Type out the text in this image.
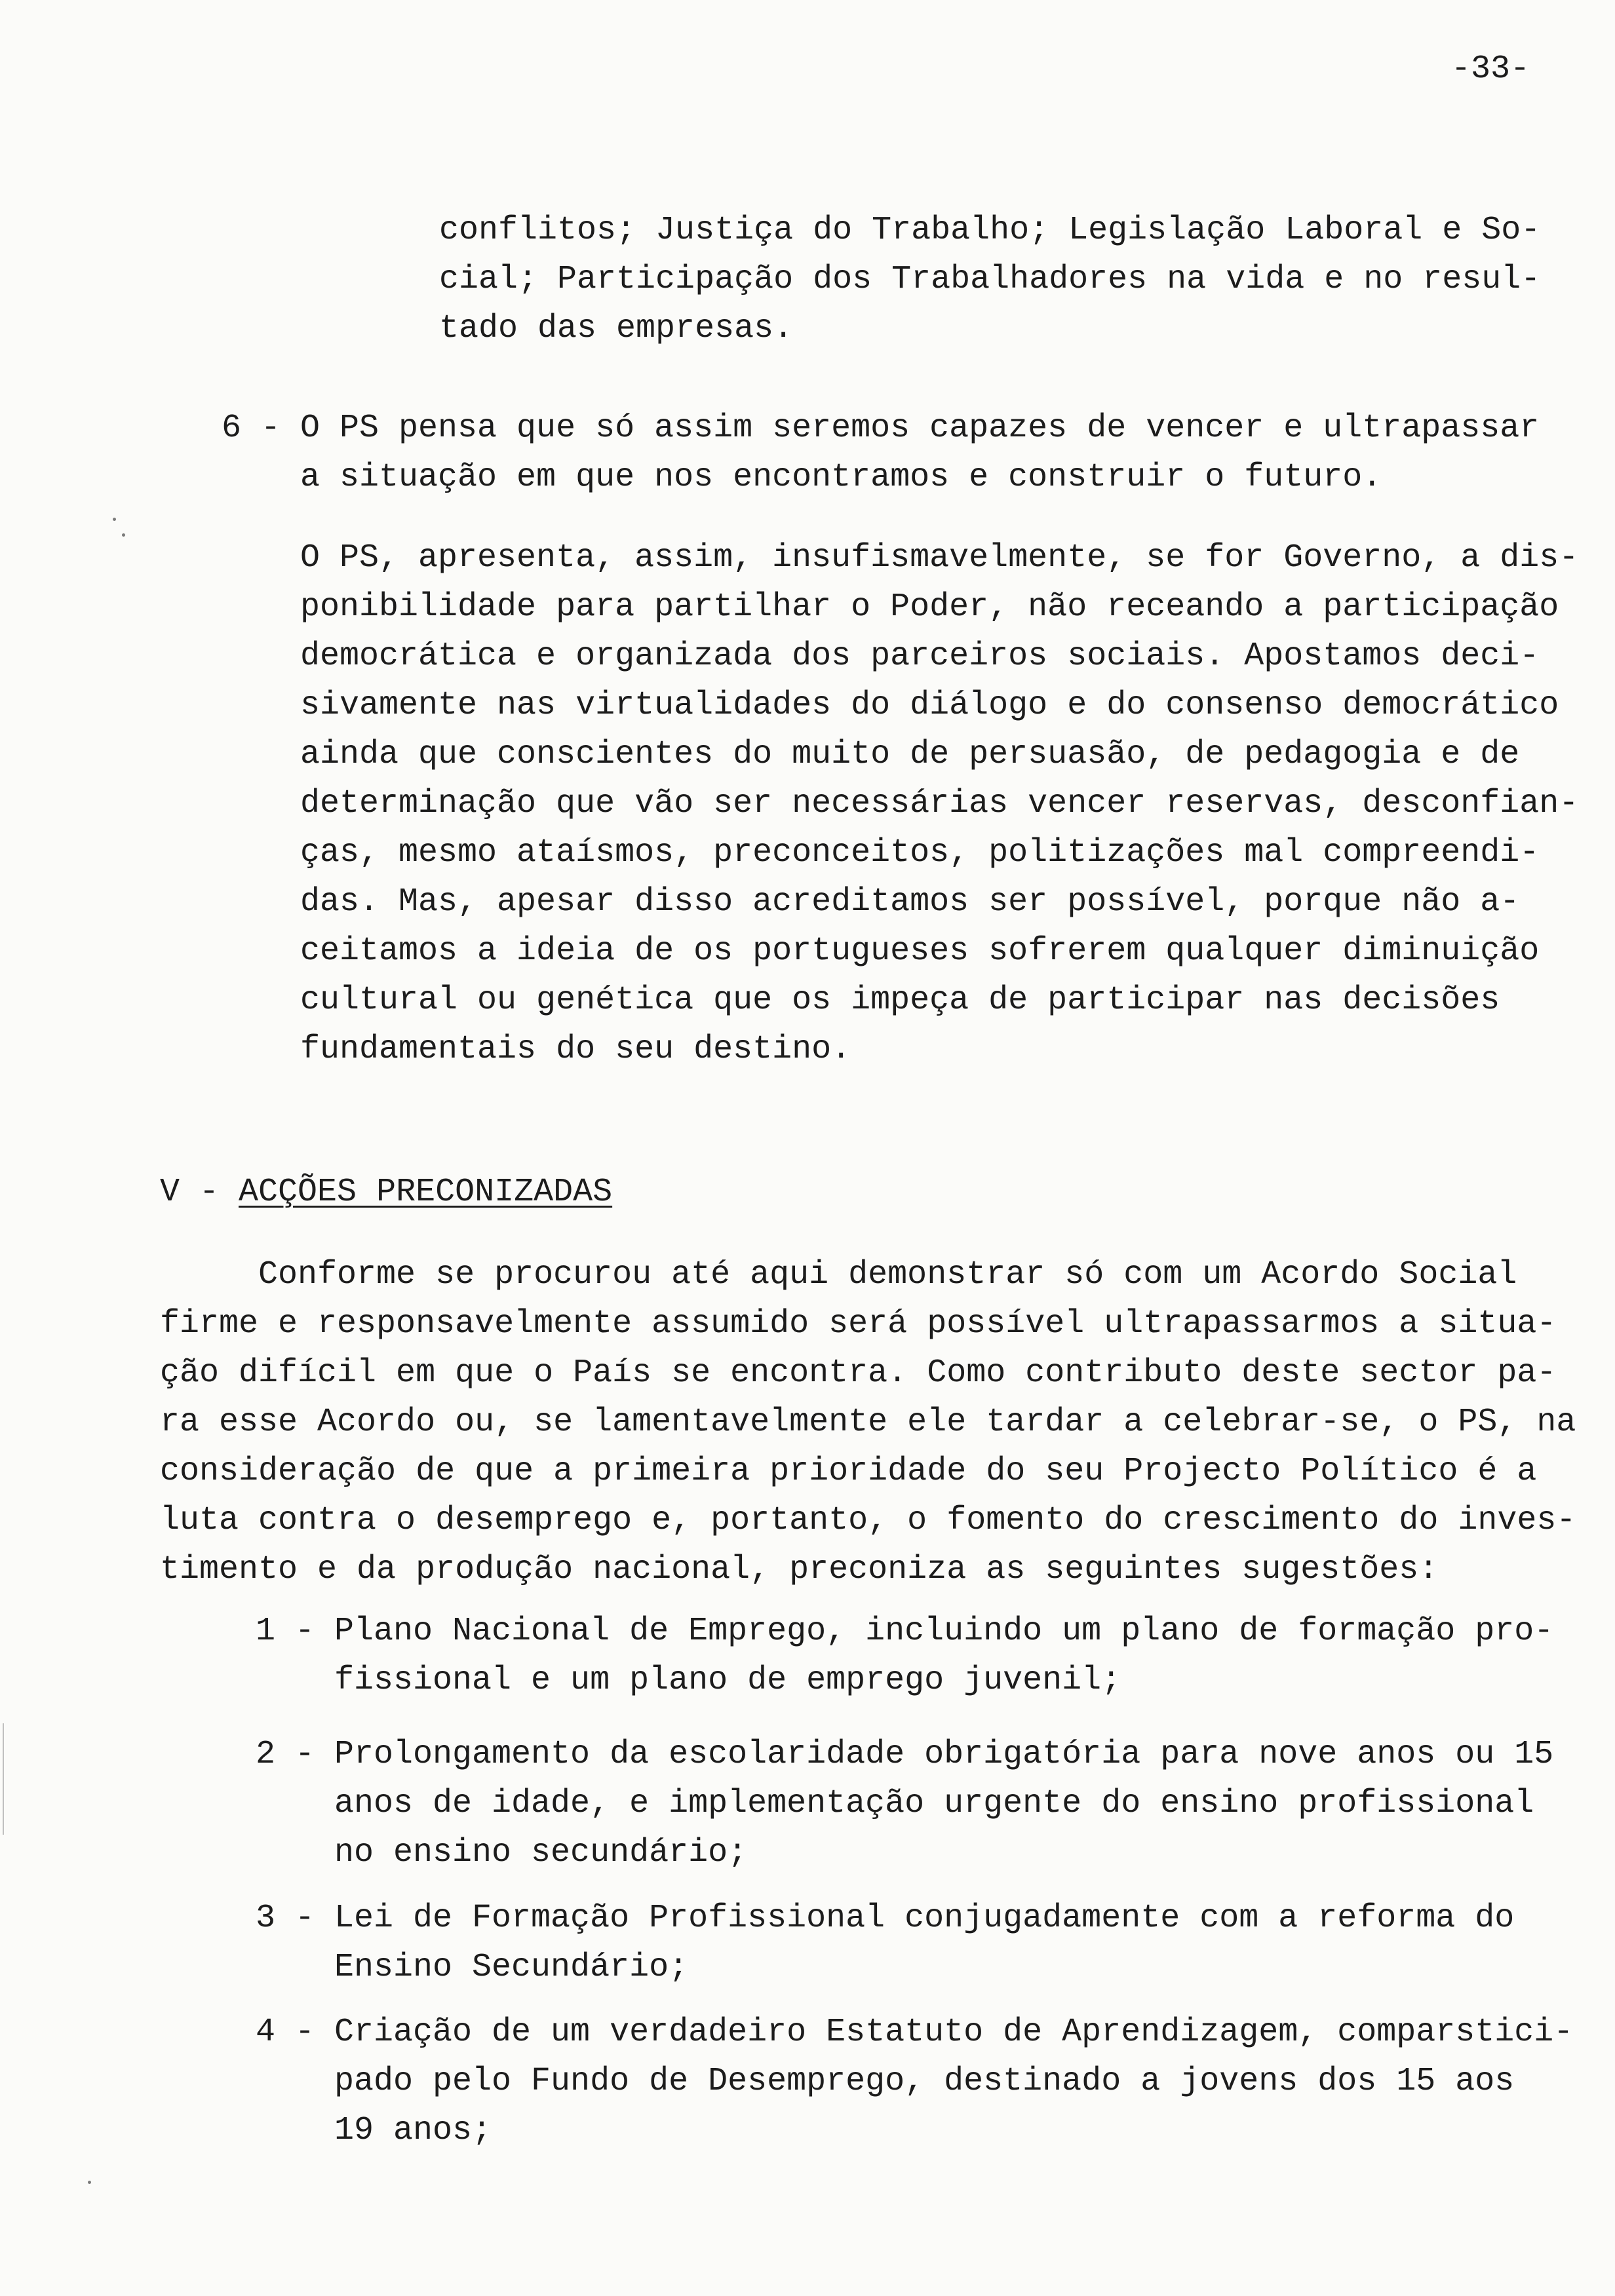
-33-
conflitos; Justiça do Trabalho; Legislação Laboral e So-
cial; Participação dos Trabalhadores na vida e no resul-
tado das empresas.
6 - O PS pensa que só assim seremos capazes de vencer e ultrapassar
a situação em que nos encontramos e construir o futuro.
O PS, apresenta, assim, insufismavelmente, se for Governo, a dis-
ponibilidade para partilhar o Poder, não receando a participação
democrática e organizada dos parceiros sociais. Apostamos deci-
sivamente nas virtualidades do diálogo e do consenso democrático
ainda que conscientes do muito de persuasão, de pedagogia e de
determinação que vão ser necessárias vencer reservas, desconfian-
ças, mesmo ataísmos, preconceitos, politizações mal compreendi-
das. Mas, apesar disso acreditamos ser possível, porque não a-
ceitamos a ideia de os portugueses sofrerem qualquer diminuição
cultural ou genética que os impeça de participar nas decisões
fundamentais do seu destino.
V - ACÇÕES PRECONIZADAS
Conforme se procurou até aqui demonstrar só com um Acordo Social
firme e responsavelmente assumido será possível ultrapassarmos a situa-
ção difícil em que o País se encontra. Como contributo deste sector pa-
ra esse Acordo ou, se lamentavelmente ele tardar a celebrar-se, o PS, na
consideração de que a primeira prioridade do seu Projecto Político é a
luta contra o desemprego e, portanto, o fomento do crescimento do inves-
timento e da produção nacional, preconiza as seguintes sugestões:
1 - Plano Nacional de Emprego, incluindo um plano de formação pro-
fissional e um plano de emprego juvenil;
2 - Prolongamento da escolaridade obrigatória para nove anos ou 15
anos de idade, e implementação urgente do ensino profissional
no ensino secundário;
3 - Lei de Formação Profissional conjugadamente com a reforma do
Ensino Secundário;
4 - Criação de um verdadeiro Estatuto de Aprendizagem, comparstici-
pado pelo Fundo de Desemprego, destinado a jovens dos 15 aos
19 anos;
